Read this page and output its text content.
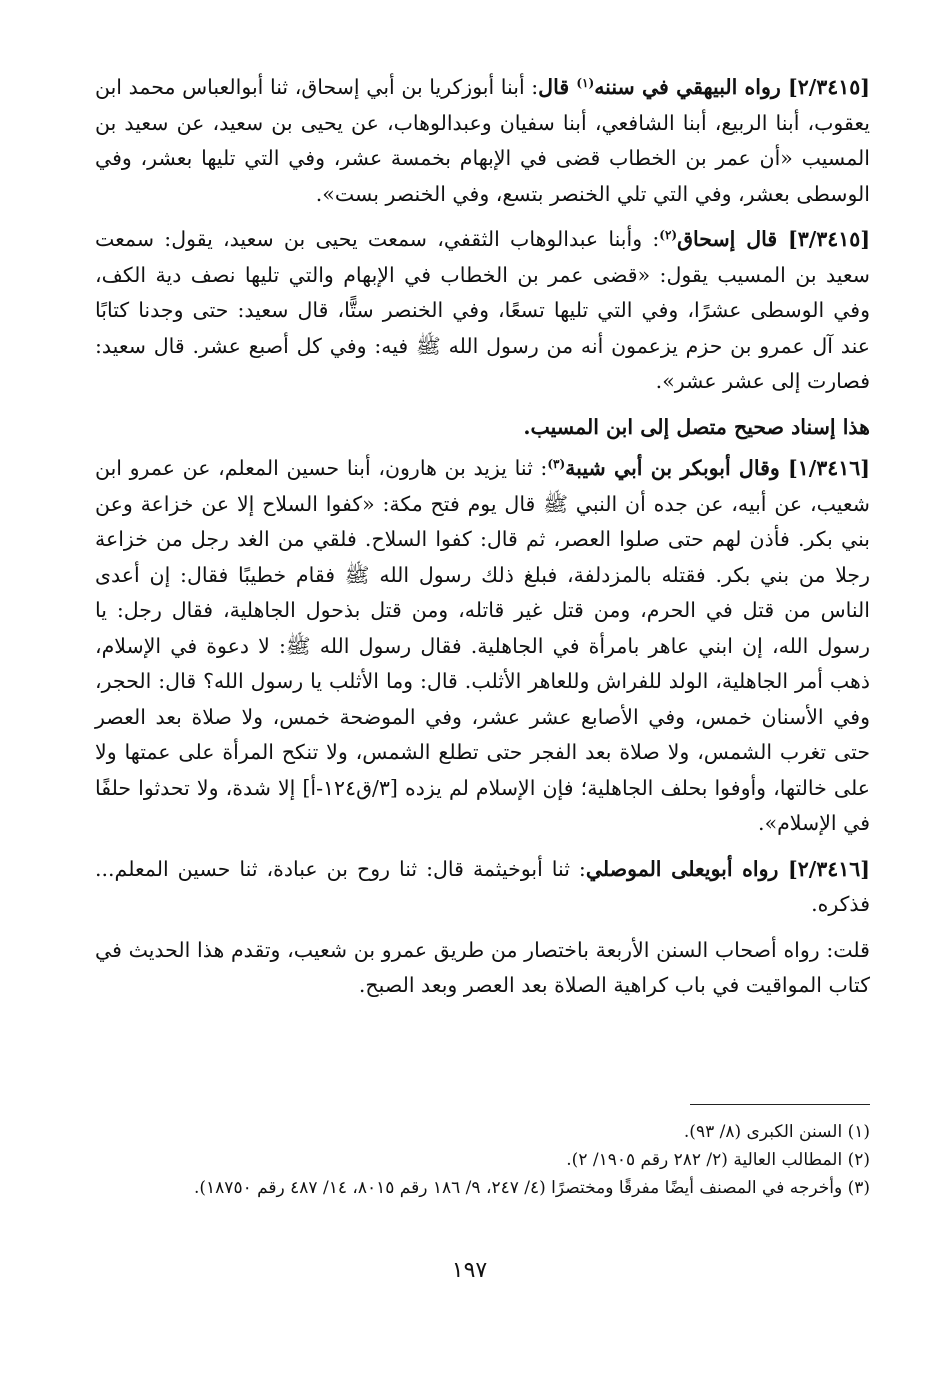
[٢/٣٤١٥] رواه البيهقي في سننه$^{(١)}$ قال: أبنا أبوزكريا بن أبي إسحاق، ثنا أبوالعباس محمد ابن يعقوب، أبنا الربيع، أبنا الشافعي، أبنا سفيان وعبدالوهاب، عن يحيى بن سعيد، عن سعيد بن المسيب «أن عمر بن الخطاب قضى في الإبهام بخمسة عشر، وفي التي تليها بعشر، وفي الوسطى بعشر، وفي التي تلي الخنصر بتسع، وفي الخنصر بست».

[٣/٣٤١٥] قال إسحاق$^{(٢)}$: وأبنا عبدالوهاب الثقفي، سمعت يحيى بن سعيد، يقول: سمعت سعيد بن المسيب يقول: «قضى عمر بن الخطاب في الإبهام والتي تليها نصف دية الكف، وفي الوسطى عشرًا، وفي التي تليها تسعًا، وفي الخنصر ستًّا، قال سعيد: حتى وجدنا كتابًا عند آل عمرو بن حزم يزعمون أنه من رسول الله ﷺ فيه: وفي كل أصبع عشر. قال سعيد: فصارت إلى عشر عشر».

هذا إسناد صحيح متصل إلى ابن المسيب.

[١/٣٤١٦] وقال أبوبكر بن أبي شيبة$^{(٣)}$: ثنا يزيد بن هارون، أبنا حسين المعلم، عن عمرو ابن شعيب، عن أبيه، عن جده أن النبي ﷺ قال يوم فتح مكة: «كفوا السلاح إلا عن خزاعة وعن بني بكر. فأذن لهم حتى صلوا العصر، ثم قال: كفوا السلاح. فلقي من الغد رجل من خزاعة رجلا من بني بكر. فقتله بالمزدلفة، فبلغ ذلك رسول الله ﷺ فقام خطيبًا فقال: إن أعدى الناس من قتل في الحرم، ومن قتل غير قاتله، ومن قتل بذحول الجاهلية، فقال رجل: يا رسول الله، إن ابني عاهر بامرأة في الجاهلية. فقال رسول الله ﷺ: لا دعوة في الإسلام، ذهب أمر الجاهلية، الولد للفراش وللعاهر الأثلب. قال: وما الأثلب يا رسول الله؟ قال: الحجر، وفي الأسنان خمس، وفي الأصابع عشر عشر، وفي الموضحة خمس، ولا صلاة بعد العصر حتى تغرب الشمس، ولا صلاة بعد الفجر حتى تطلع الشمس، ولا تنكح المرأة على عمتها ولا على خالتها، وأوفوا بحلف الجاهلية؛ فإن الإسلام لم يزده [٣/ق١٢٤-أ] إلا شدة، ولا تحدثوا حلفًا في الإسلام».

[٢/٣٤١٦] رواه أبويعلى الموصلي: ثنا أبوخيثمة قال: ثنا روح بن عبادة، ثنا حسين المعلم... فذكره.

قلت: رواه أصحاب السنن الأربعة باختصار من طريق عمرو بن شعيب، وتقدم هذا الحديث في كتاب المواقيت في باب كراهية الصلاة بعد العصر وبعد الصبح.

(١) السنن الكبرى (٨/ ٩٣).

(٢) المطالب العالية (٢/ ٢٨٢ رقم ١٩٠٥/ ٢).

(٣) وأخرجه في المصنف أيضًا مفرقًا ومختصرًا (٤/ ٢٤٧، ٩/ ١٨٦ رقم ٨٠١٥، ١٤/ ٤٨٧ رقم ١٨٧٥٠).

١٩٧
